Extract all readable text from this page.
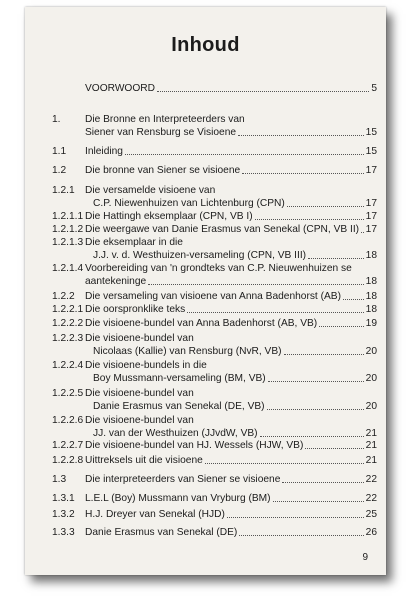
Inhoud
VOORWOORD	5
1. Die Bronne en Interpreteerders van
Siener van Rensburg se Visioene	15
1.1 Inleiding	15
1.2 Die bronne van Siener se visioene	17
1.2.1 Die versamelde visioene van
C.P. Niewenhuizen van Lichtenburg (CPN)	17
1.2.1.1 Die Hattingh eksemplaar (CPN, VB I)	17
1.2.1.2 Die weergawe van Danie Erasmus van Senekal (CPN, VB II) 17
1.2.1.3 Die eksemplaar in die
J.J. v. d. Westhuizen-versameling (CPN, VB III)	18
1.2.1.4 Voorbereiding van 'n grondteks van C.P. Nieuwenhuizen se
aantekeninge	18
1.2.2 Die versameling van visioene van Anna Badenhorst (AB) 18
1.2.2.1 Die oorspronklike teks	18
1.2.2.2 Die visioene-bundel van Anna Badenhorst (AB, VB)	19
1.2.2.3 Die visioene-bundel van
Nicolaas (Kallie) van Rensburg (NvR, VB)	20
1.2.2.4 Die visioene-bundels in die
Boy Mussmann-versameling (BM, VB)	20
1.2.2.5 Die visioene-bundel van
Danie Erasmus van Senekal (DE, VB)	20
1.2.2.6 Die visioene-bundel van
JJ. van der Westhuizen (JJvdW, VB)	21
1.2.2.7 Die visioene-bundel van HJ. Wessels (HJW, VB)	21
1.2.2.8 Uittreksels uit die visioene	21
1.3 Die interpreteerders van Siener se visioene	22
1.3.1 L.E.L (Boy) Mussmann van Vryburg (BM)	22
1.3.2 H.J. Dreyer van Senekal (HJD)	25
1.3.3 Danie Erasmus van Senekal (DE)	26
9
